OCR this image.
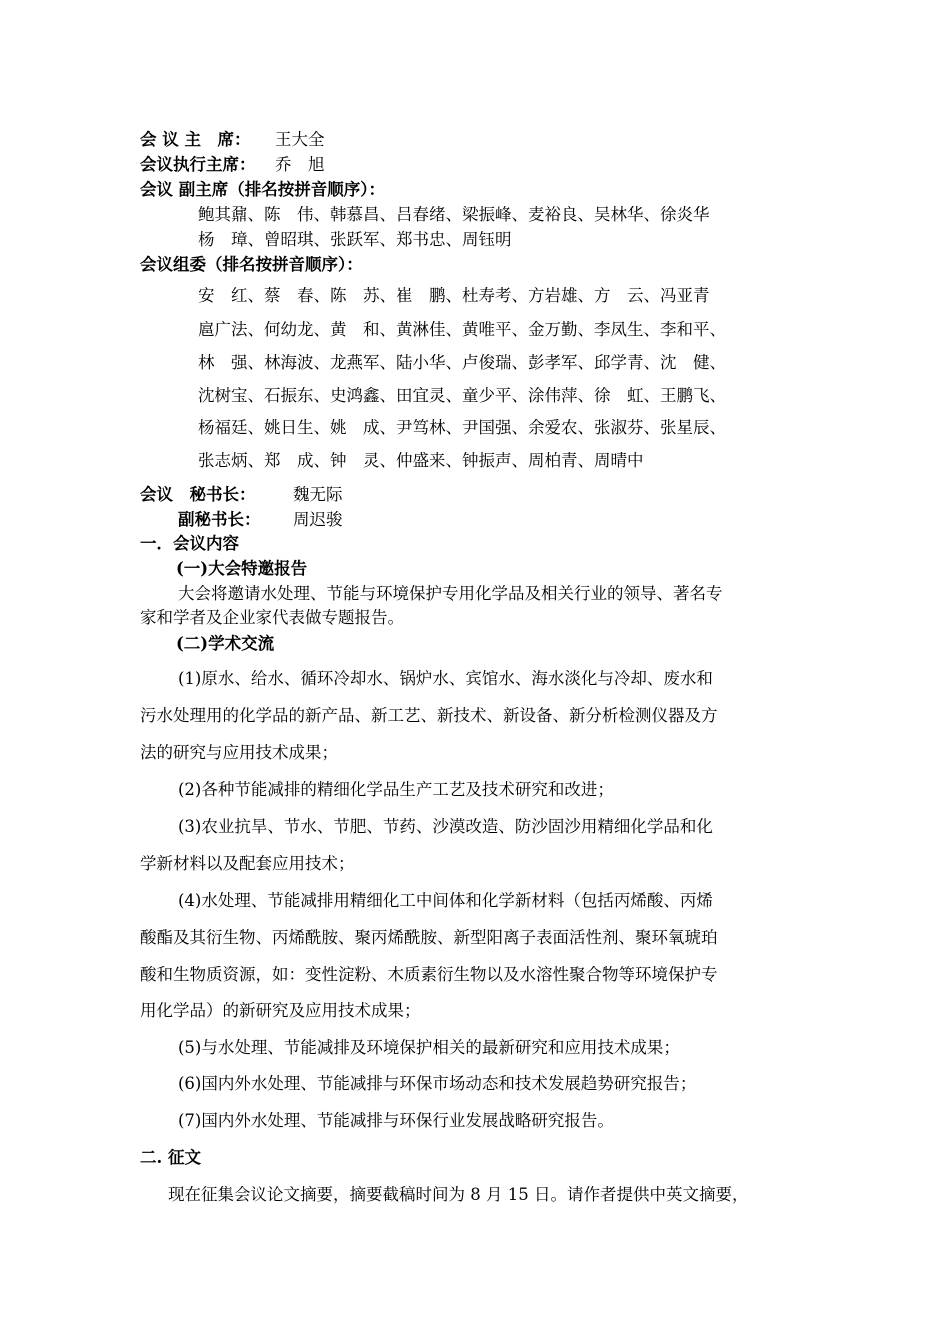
会 议 主　席： 王大全
会议执行主席： 乔　旭
会议 副主席（排名按拼音顺序）：
鲍其鼐、陈　伟、韩慕昌、吕春绪、梁振峰、麦裕良、吴林华、徐炎华
杨　璋、曾昭琪、张跃军、郑书忠、周钰明
会议组委（排名按拼音顺序）：
安　红、蔡　春、陈　苏、崔　鹏、杜寿考、方岩雄、方　云、冯亚青
扈广法、何幼龙、黄　和、黄淋佳、黄唯平、金万勤、李凤生、李和平、
林　强、林海波、龙燕军、陆小华、卢俊瑞、彭孝军、邱学青、沈　健、
沈树宝、石振东、史鸿鑫、田宜灵、童少平、涂伟萍、徐　虹、王鹏飞、
杨福廷、姚日生、姚　成、尹笃林、尹国强、余爱农、张淑芬、张星辰、
张志炳、郑　成、钟　灵、仲盛来、钟振声、周柏青、周晴中
会议　秘书长： 魏无际
副秘书长： 周迟骏
一．会议内容
(一)大会特邀报告
大会将邀请水处理、节能与环境保护专用化学品及相关行业的领导、著名专
家和学者及企业家代表做专题报告。
(二)学术交流
(1)原水、给水、循环冷却水、锅炉水、宾馆水、海水淡化与冷却、废水和
污水处理用的化学品的新产品、新工艺、新技术、新设备、新分析检测仪器及方
法的研究与应用技术成果；
(2)各种节能减排的精细化学品生产工艺及技术研究和改进；
(3)农业抗旱、节水、节肥、节药、沙漠改造、防沙固沙用精细化学品和化
学新材料以及配套应用技术；
(4)水处理、节能减排用精细化工中间体和化学新材料（包括丙烯酸、丙烯
酸酯及其衍生物、丙烯酰胺、聚丙烯酰胺、新型阳离子表面活性剂、聚环氧琥珀
酸和生物质资源，如：变性淀粉、木质素衍生物以及水溶性聚合物等环境保护专
用化学品）的新研究及应用技术成果；
(5)与水处理、节能减排及环境保护相关的最新研究和应用技术成果；
(6)国内外水处理、节能减排与环保市场动态和技术发展趋势研究报告；
(7)国内外水处理、节能减排与环保行业发展战略研究报告。
二. 征文
现在征集会议论文摘要，摘要截稿时间为 8 月 15 日。请作者提供中英文摘要，
